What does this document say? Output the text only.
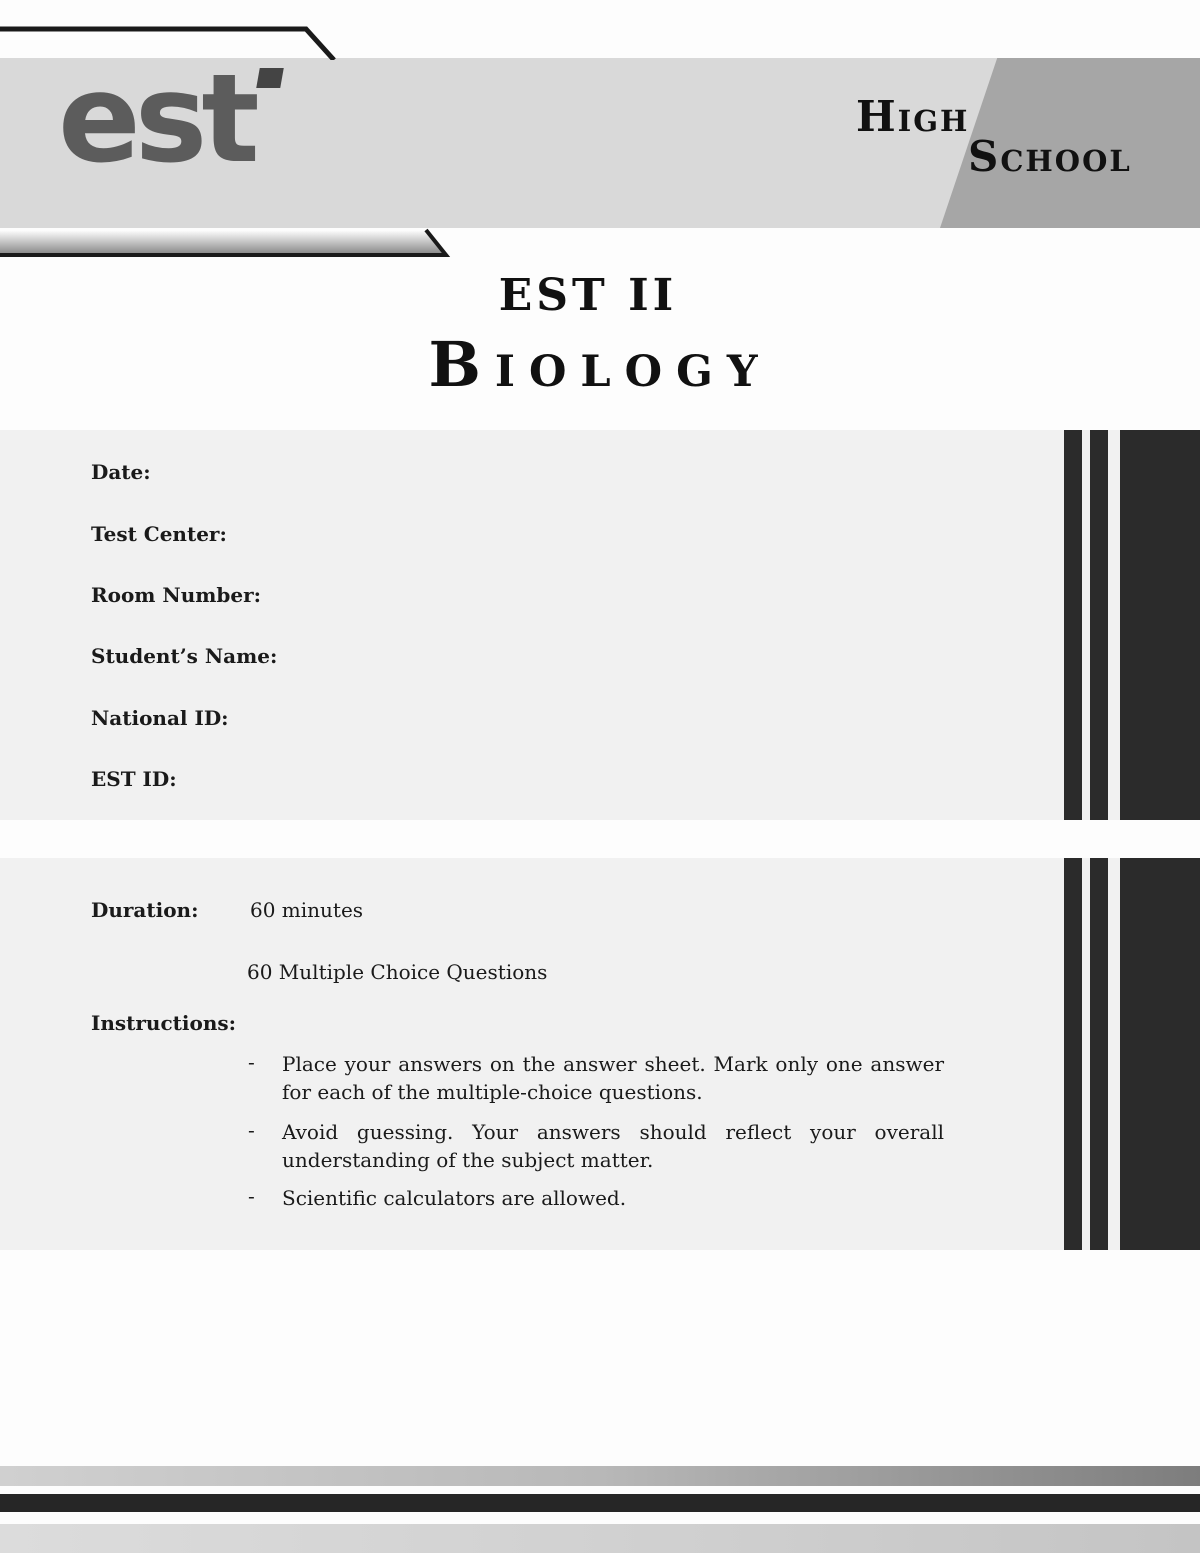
est	High
School
EST II
Biology
Date:
Test Center:
Room Number:
Student’s Name:
National ID:
EST ID:
Duration:	60 minutes
60 Multiple Choice Questions
Instructions:
-	Place your answers on the answer sheet. Mark only one answer for each of the multiple-choice questions.
-	Avoid guessing. Your answers should reflect your overall understanding of the subject matter.
-	Scientific calculators are allowed.
